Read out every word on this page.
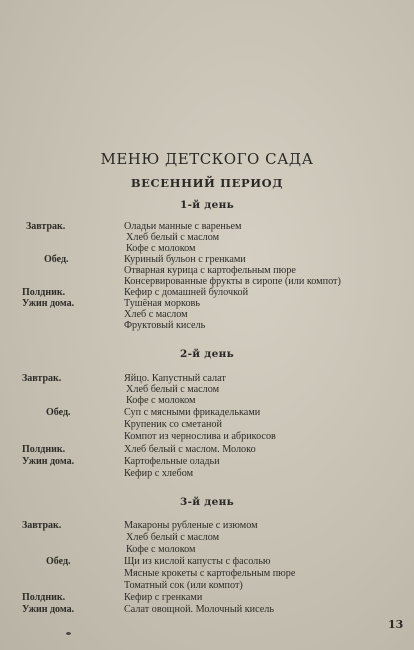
МЕНЮ ДЕТСКОГО САДА
ВЕСЕННИЙ ПЕРИОД
1-й день
Завтрак.
Обед.
Полдник.
Ужин дома.
Оладьи манные с вареньем
Хлеб белый с маслом
Кофе с молоком
Куриный бульон с гренками
Отварная курица с картофельным пюре
Консервированные фрукты в сиропе (или компот)
Кефир с домашней булочкой
Тушёная морковь
Хлеб с маслом
Фруктовый кисель
2-й день
Завтрак.
Обед.
Полдник.
Ужин дома.
Яйцо. Капустный салат
Хлеб белый с маслом
Кофе с молоком
Суп с мясными фрикадельками
Крупеник со сметаной
Компот из чернослива и абрикосов
Хлеб белый с маслом. Молоко
Картофельные оладьи
Кефир с хлебом
3-й день
Завтрак.
Обед.
Полдник.
Ужин дома.
Макароны рубленые с изюмом
Хлеб белый с маслом
Кофе с молоком
Щи из кислой капусты с фасолью
Мясные крокеты с картофельным пюре
Томатный сок (или компот)
Кефир с гренками
Салат овощной. Молочный кисель
13
